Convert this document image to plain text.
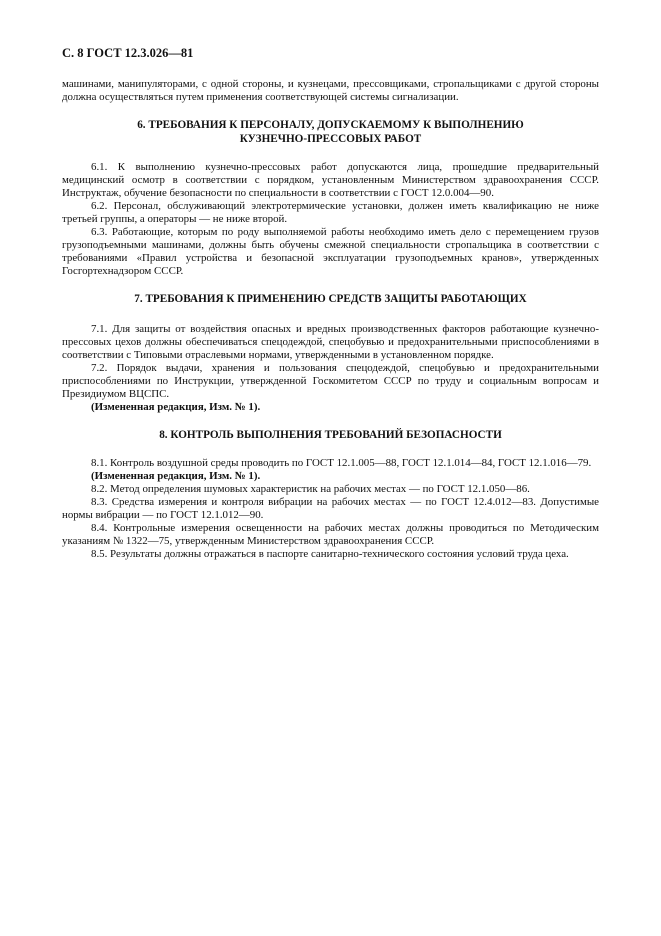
С. 8 ГОСТ 12.3.026—81

машинами, манипуляторами, с одной стороны, и кузнецами, прессовщиками, стропальщиками с другой стороны должна осуществляться путем применения соответствующей системы сигнализации.

6. ТРЕБОВАНИЯ К ПЕРСОНАЛУ, ДОПУСКАЕМОМУ К ВЫПОЛНЕНИЮ
КУЗНЕЧНО-ПРЕССОВЫХ РАБОТ

6.1. К выполнению кузнечно-прессовых работ допускаются лица, прошедшие предварительный медицинский осмотр в соответствии с порядком, установленным Министерством здравоохранения СССР. Инструктаж, обучение безопасности по специальности в соответствии с ГОСТ 12.0.004—90.

6.2. Персонал, обслуживающий электротермические установки, должен иметь квалификацию не ниже третьей группы, а операторы — не ниже второй.

6.3. Работающие, которым по роду выполняемой работы необходимо иметь дело с перемещением грузов грузоподъемными машинами, должны быть обучены смежной специальности стропальщика в соответствии с требованиями «Правил устройства и безопасной эксплуатации грузоподъемных кранов», утвержденных Госгортехнадзором СССР.

7. ТРЕБОВАНИЯ К ПРИМЕНЕНИЮ СРЕДСТВ ЗАЩИТЫ РАБОТАЮЩИХ

7.1. Для защиты от воздействия опасных и вредных производственных факторов работающие кузнечно-прессовых цехов должны обеспечиваться спецодеждой, спецобувью и предохранительными приспособлениями в соответствии с Типовыми отраслевыми нормами, утвержденными в установленном порядке.

7.2. Порядок выдачи, хранения и пользования спецодеждой, спецобувью и предохранительными приспособлениями по Инструкции, утвержденной Госкомитетом СССР по труду и социальным вопросам и Президиумом ВЦСПС.

(Измененная редакция, Изм. № 1).

8. КОНТРОЛЬ ВЫПОЛНЕНИЯ ТРЕБОВАНИЙ БЕЗОПАСНОСТИ

8.1. Контроль воздушной среды проводить по ГОСТ 12.1.005—88, ГОСТ 12.1.014—84, ГОСТ 12.1.016—79.

(Измененная редакция, Изм. № 1).

8.2. Метод определения шумовых характеристик на рабочих местах — по ГОСТ 12.1.050—86.

8.3. Средства измерения и контроля вибрации на рабочих местах — по ГОСТ 12.4.012—83. Допустимые нормы вибрации — по ГОСТ 12.1.012—90.

8.4. Контрольные измерения освещенности на рабочих местах должны проводиться по Методическим указаниям № 1322—75, утвержденным Министерством здравоохранения СССР.

8.5. Результаты должны отражаться в паспорте санитарно-технического состояния условий труда цеха.
